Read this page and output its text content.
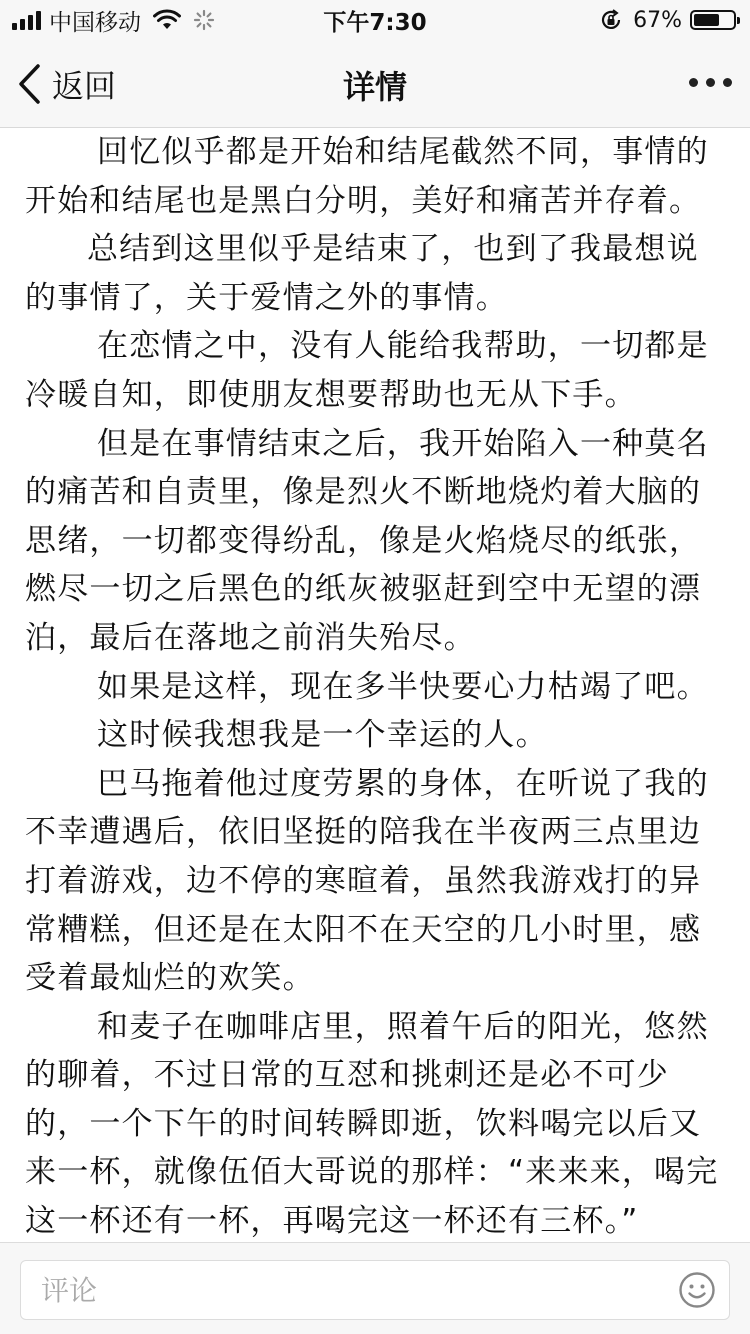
中国移动	下午7:30	67%
返回	详情

回忆似乎都是开始和结尾截然不同，事情的开始和结尾也是黑白分明，美好和痛苦并存着。

总结到这里似乎是结束了，也到了我最想说的事情了，关于爱情之外的事情。

在恋情之中，没有人能给我帮助，一切都是冷暖自知，即使朋友想要帮助也无从下手。

但是在事情结束之后，我开始陷入一种莫名的痛苦和自责里，像是烈火不断地烧灼着大脑的思绪，一切都变得纷乱，像是火焰烧尽的纸张，燃尽一切之后黑色的纸灰被驱赶到空中无望的漂泊，最后在落地之前消失殆尽。

如果是这样，现在多半快要心力枯竭了吧。

这时候我想我是一个幸运的人。

巴马拖着他过度劳累的身体，在听说了我的不幸遭遇后，依旧坚挺的陪我在半夜两三点里边打着游戏，边不停的寒暄着，虽然我游戏打的异常糟糕，但还是在太阳不在天空的几小时里，感受着最灿烂的欢笑。

和麦子在咖啡店里，照着午后的阳光，悠然的聊着，不过日常的互怼和挑刺还是必不可少的，一个下午的时间转瞬即逝，饮料喝完以后又来一杯，就像伍佰大哥说的那样：“来来来，喝完这一杯还有一杯，再喝完这一杯还有三杯。”

评论
